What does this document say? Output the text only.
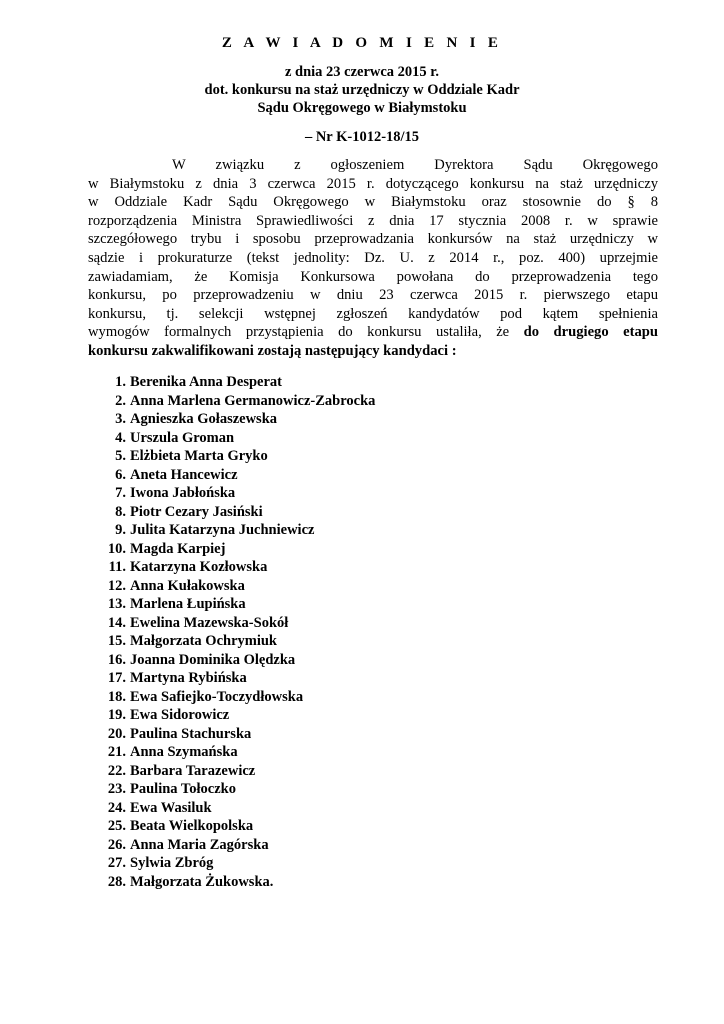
Z A W I A D O M I E N I E
z dnia 23 czerwca 2015 r.
dot. konkursu na staż urzędniczy w Oddziale Kadr
Sądu Okręgowego w Białymstoku
– Nr K-1012-18/15
W związku z ogłoszeniem Dyrektora Sądu Okręgowego
w Białymstoku z dnia 3 czerwca 2015 r. dotyczącego konkursu na staż urzędniczy
w Oddziale Kadr Sądu Okręgowego w Białymstoku oraz stosownie do § 8
rozporządzenia Ministra Sprawiedliwości z dnia 17 stycznia 2008 r. w sprawie
szczegółowego trybu i sposobu przeprowadzania konkursów na staż urzędniczy w
sądzie i prokuraturze (tekst jednolity: Dz. U. z 2014 r., poz. 400) uprzejmie
zawiadamiam, że Komisja Konkursowa powołana do przeprowadzenia tego
konkursu, po przeprowadzeniu w dniu 23 czerwca 2015 r. pierwszego etapu
konkursu, tj. selekcji wstępnej zgłoszeń kandydatów pod kątem spełnienia
wymogów formalnych przystąpienia do konkursu ustaliła, że do drugiego etapu
konkursu zakwalifikowani zostają następujący kandydaci :
1. Berenika Anna Desperat
2. Anna Marlena Germanowicz-Zabrocka
3. Agnieszka Gołaszewska
4. Urszula Groman
5. Elżbieta Marta Gryko
6. Aneta Hancewicz
7. Iwona Jabłońska
8. Piotr Cezary Jasiński
9. Julita Katarzyna Juchniewicz
10. Magda Karpiej
11. Katarzyna Kozłowska
12. Anna Kułakowska
13. Marlena Łupińska
14. Ewelina Mazewska-Sokół
15. Małgorzata Ochrymiuk
16. Joanna Dominika Olędzka
17. Martyna Rybińska
18. Ewa Safiejko-Toczydłowska
19. Ewa Sidorowicz
20. Paulina Stachurska
21. Anna Szymańska
22. Barbara Tarazewicz
23. Paulina Tołoczko
24. Ewa Wasiluk
25. Beata Wielkopolska
26. Anna Maria Zagórska
27. Sylwia Zbróg
28. Małgorzata Żukowska.
